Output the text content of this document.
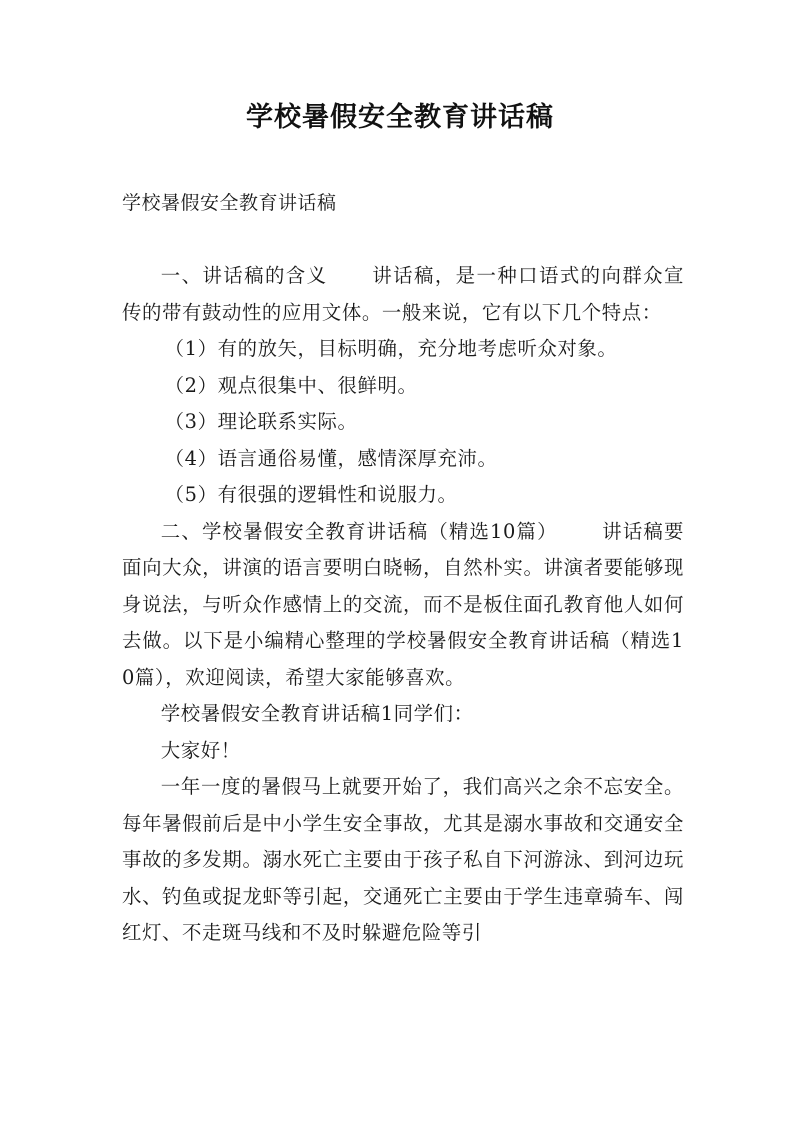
学校暑假安全教育讲话稿
学校暑假安全教育讲话稿

一、讲话稿的含义 讲话稿，是一种口语式的向群众宣传的带有鼓动性的应用文体。一般来说，它有以下几个特点：

（1）有的放矢，目标明确，充分地考虑听众对象。

（2）观点很集中、很鲜明。

（3）理论联系实际。

（4）语言通俗易懂，感情深厚充沛。

（5）有很强的逻辑性和说服力。

二、学校暑假安全教育讲话稿（精选10篇） 讲话稿要面向大众，讲演的语言要明白晓畅，自然朴实。讲演者要能够现身说法，与听众作感情上的交流，而不是板住面孔教育他人如何去做。以下是小编精心整理的学校暑假安全教育讲话稿（精选10篇），欢迎阅读，希望大家能够喜欢。

学校暑假安全教育讲话稿1同学们：

大家好！

一年一度的暑假马上就要开始了，我们高兴之余不忘安全。每年暑假前后是中小学生安全事故，尤其是溺水事故和交通安全事故的多发期。溺水死亡主要由于孩子私自下河游泳、到河边玩水、钓鱼或捉龙虾等引起，交通死亡主要由于学生违章骑车、闯红灯、不走斑马线和不及时躲避危险等引
